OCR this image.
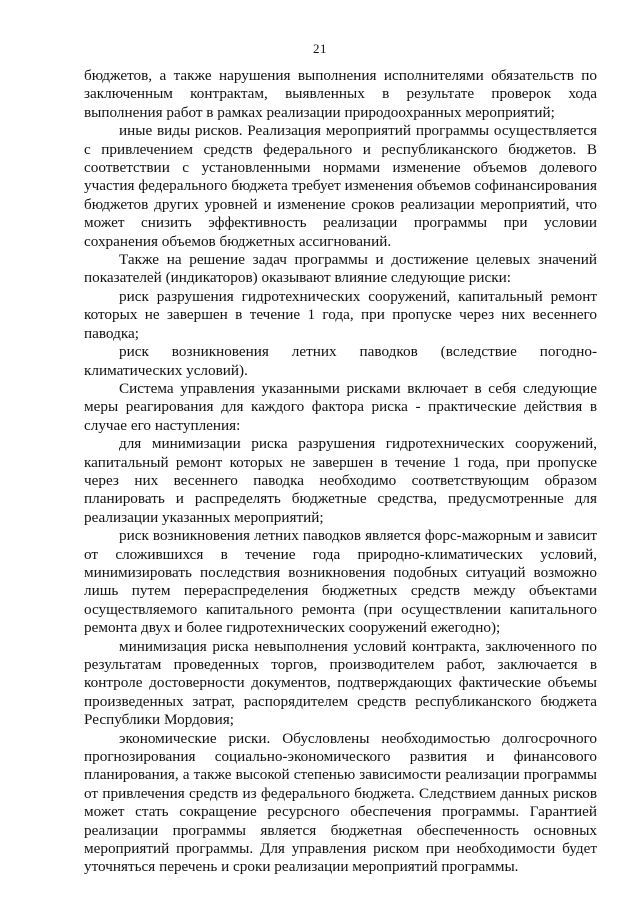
21

бюджетов, а также нарушения выполнения исполнителями обязательств по заключенным контрактам, выявленных в результате проверок хода выполнения работ в рамках реализации природоохранных мероприятий;

иные виды рисков. Реализация мероприятий программы осуществляется с привлечением средств федерального и республиканского бюджетов. В соответствии с установленными нормами изменение объемов долевого участия федерального бюджета требует изменения объемов софинансирования бюджетов других уровней и изменение сроков реализации мероприятий, что может снизить эффективность реализации программы при условии сохранения объемов бюджетных ассигнований.

Также на решение задач программы и достижение целевых значений показателей (индикаторов) оказывают влияние следующие риски:

риск разрушения гидротехнических сооружений, капитальный ремонт которых не завершен в течение 1 года, при пропуске через них весеннего паводка;

риск возникновения летних паводков (вследствие погодно-климатических условий).

Система управления указанными рисками включает в себя следующие меры реагирования для каждого фактора риска - практические действия в случае его наступления:

для минимизации риска разрушения гидротехнических сооружений, капитальный ремонт которых не завершен в течение 1 года, при пропуске через них весеннего паводка необходимо соответствующим образом планировать и распределять бюджетные средства, предусмотренные для реализации указанных мероприятий;

риск возникновения летних паводков является форс-мажорным и зависит от сложившихся в течение года природно-климатических условий, минимизировать последствия возникновения подобных ситуаций возможно лишь путем перераспределения бюджетных средств между объектами осуществляемого капитального ремонта (при осуществлении капитального ремонта двух и более гидротехнических сооружений ежегодно);

минимизация риска невыполнения условий контракта, заключенного по результатам проведенных торгов, производителем работ, заключается в контроле достоверности документов, подтверждающих фактические объемы произведенных затрат, распорядителем средств республиканского бюджета Республики Мордовия;

экономические риски. Обусловлены необходимостью долгосрочного прогнозирования социально-экономического развития и финансового планирования, а также высокой степенью зависимости реализации программы от привлечения средств из федерального бюджета. Следствием данных рисков может стать сокращение ресурсного обеспечения программы. Гарантией реализации программы является бюджетная обеспеченность основных мероприятий программы. Для управления риском при необходимости будет уточняться перечень и сроки реализации мероприятий программы.
